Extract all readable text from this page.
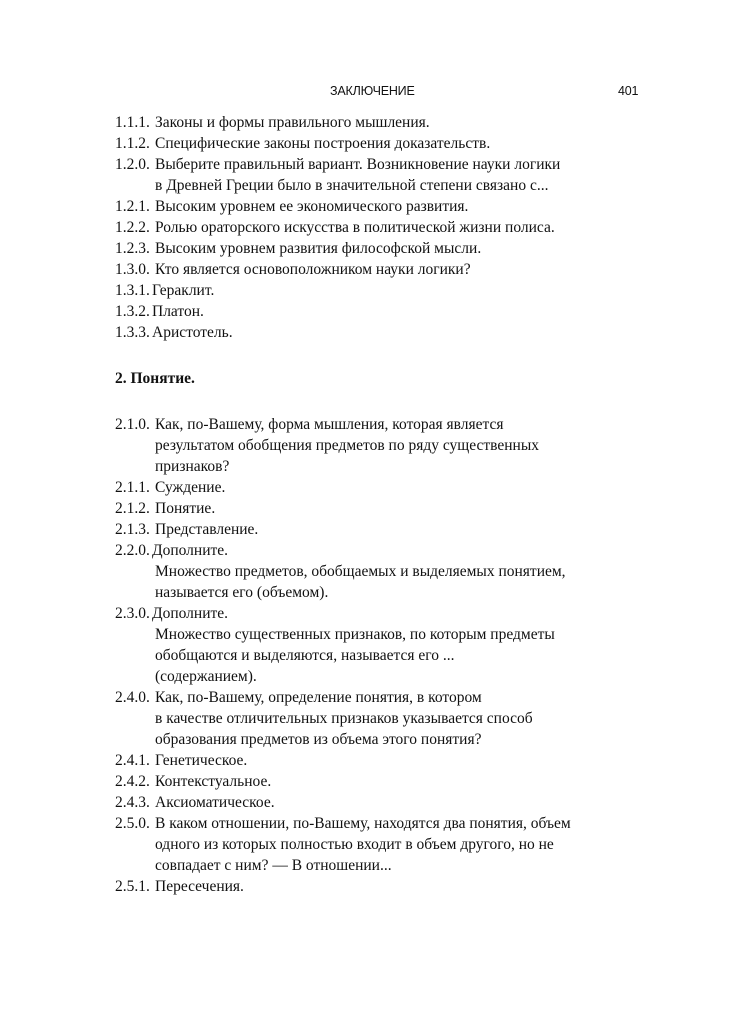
ЗАКЛЮЧЕНИЕ	401
1.1.1. Законы и формы правильного мышления.
1.1.2. Специфические законы построения доказательств.
1.2.0. Выберите правильный вариант. Возникновение науки логики
в Древней Греции было в значительной степени связано с...
1.2.1. Высоким уровнем ее экономического развития.
1.2.2. Ролью ораторского искусства в политической жизни полиса.
1.2.3. Высоким уровнем развития философской мысли.
1.3.0. Кто является основоположником науки логики?
1.3.1. Гераклит.
1.3.2. Платон.
1.3.3. Аристотель.
2. Понятие.
2.1.0. Как, по-Вашему, форма мышления, которая является
результатом обобщения предметов по ряду существенных
признаков?
2.1.1. Суждение.
2.1.2. Понятие.
2.1.3. Представление.
2.2.0. Дополните.
Множество предметов, обобщаемых и выделяемых понятием,
называется его (объемом).
2.3.0. Дополните.
Множество существенных признаков, по которым предметы
обобщаются и выделяются, называется его ...
(содержанием).
2.4.0. Как, по-Вашему, определение понятия, в котором
в качестве отличительных признаков указывается способ
образования предметов из объема этого понятия?
2.4.1. Генетическое.
2.4.2. Контекстуальное.
2.4.3. Аксиоматическое.
2.5.0. В каком отношении, по-Вашему, находятся два понятия, объем
одного из которых полностью входит в объем другого, но не
совпадает с ним? — В отношении...
2.5.1. Пересечения.
